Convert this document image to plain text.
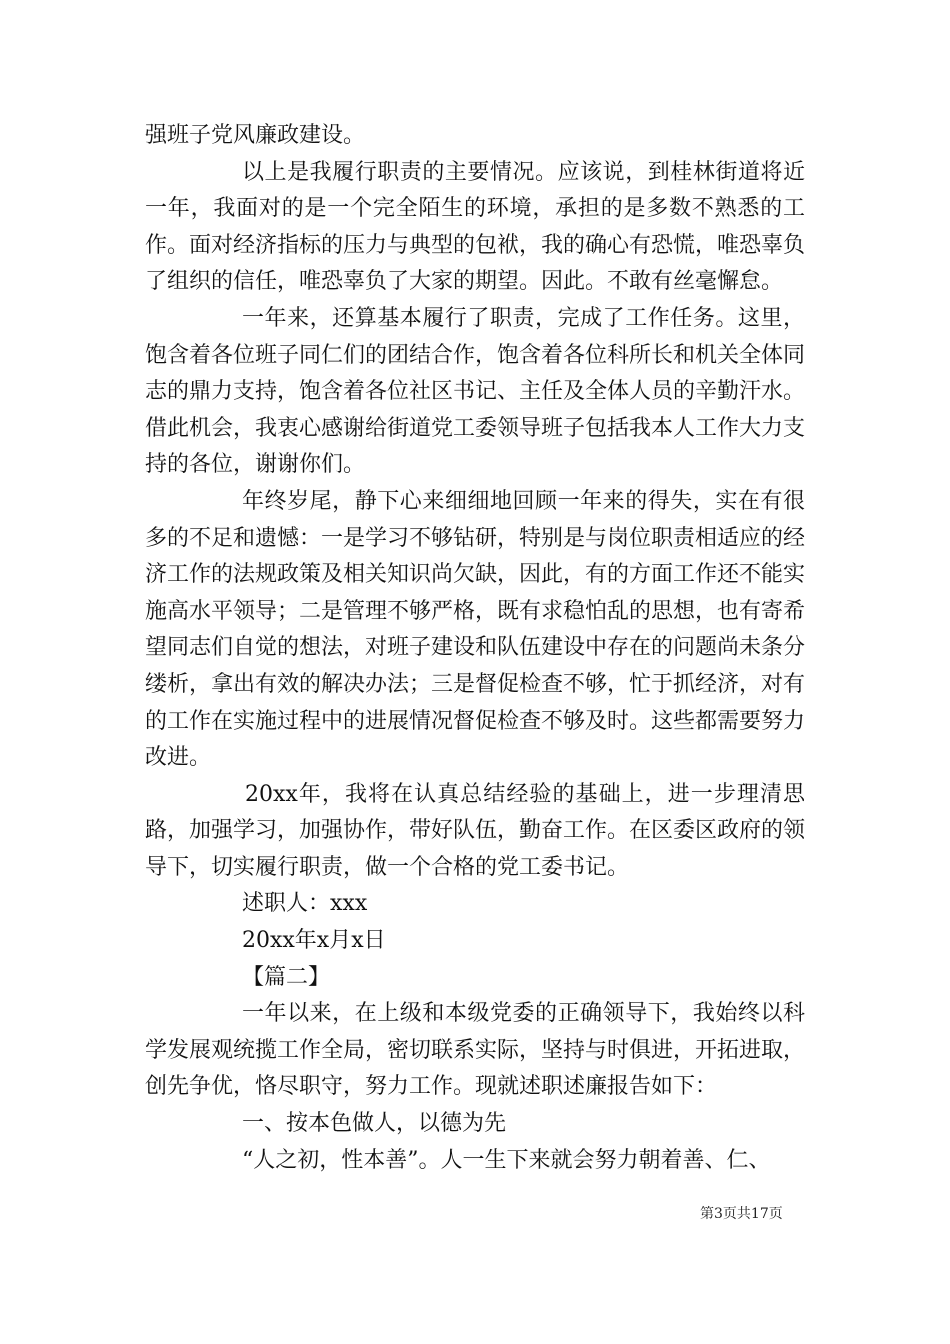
强班子党风廉政建设。

以上是我履行职责的主要情况。应该说，到桂林街道将近一年，我面对的是一个完全陌生的环境，承担的是多数不熟悉的工作。面对经济指标的压力与典型的包袱，我的确心有恐慌，唯恐辜负了组织的信任，唯恐辜负了大家的期望。因此。不敢有丝毫懈怠。

一年来，还算基本履行了职责，完成了工作任务。这里，饱含着各位班子同仁们的团结合作，饱含着各位科所长和机关全体同志的鼎力支持，饱含着各位社区书记、主任及全体人员的辛勤汗水。借此机会，我衷心感谢给街道党工委领导班子包括我本人工作大力支持的各位，谢谢你们。

年终岁尾，静下心来细细地回顾一年来的得失，实在有很多的不足和遗憾：一是学习不够钻研，特别是与岗位职责相适应的经济工作的法规政策及相关知识尚欠缺，因此，有的方面工作还不能实施高水平领导；二是管理不够严格，既有求稳怕乱的思想，也有寄希望同志们自觉的想法，对班子建设和队伍建设中存在的问题尚未条分缕析，拿出有效的解决办法；三是督促检查不够，忙于抓经济，对有的工作在实施过程中的进展情况督促检查不够及时。这些都需要努力改进。

20xx年，我将在认真总结经验的基础上，进一步理清思路，加强学习，加强协作，带好队伍，勤奋工作。在区委区政府的领导下，切实履行职责，做一个合格的党工委书记。

述职人：xxx

20xx年x月x日

【篇二】

一年以来，在上级和本级党委的正确领导下，我始终以科学发展观统揽工作全局，密切联系实际，坚持与时俱进，开拓进取，创先争优，恪尽职守，努力工作。现就述职述廉报告如下：

一、按本色做人，以德为先

“人之初，性本善”。人一生下来就会努力朝着善、仁、

第3页共17页
